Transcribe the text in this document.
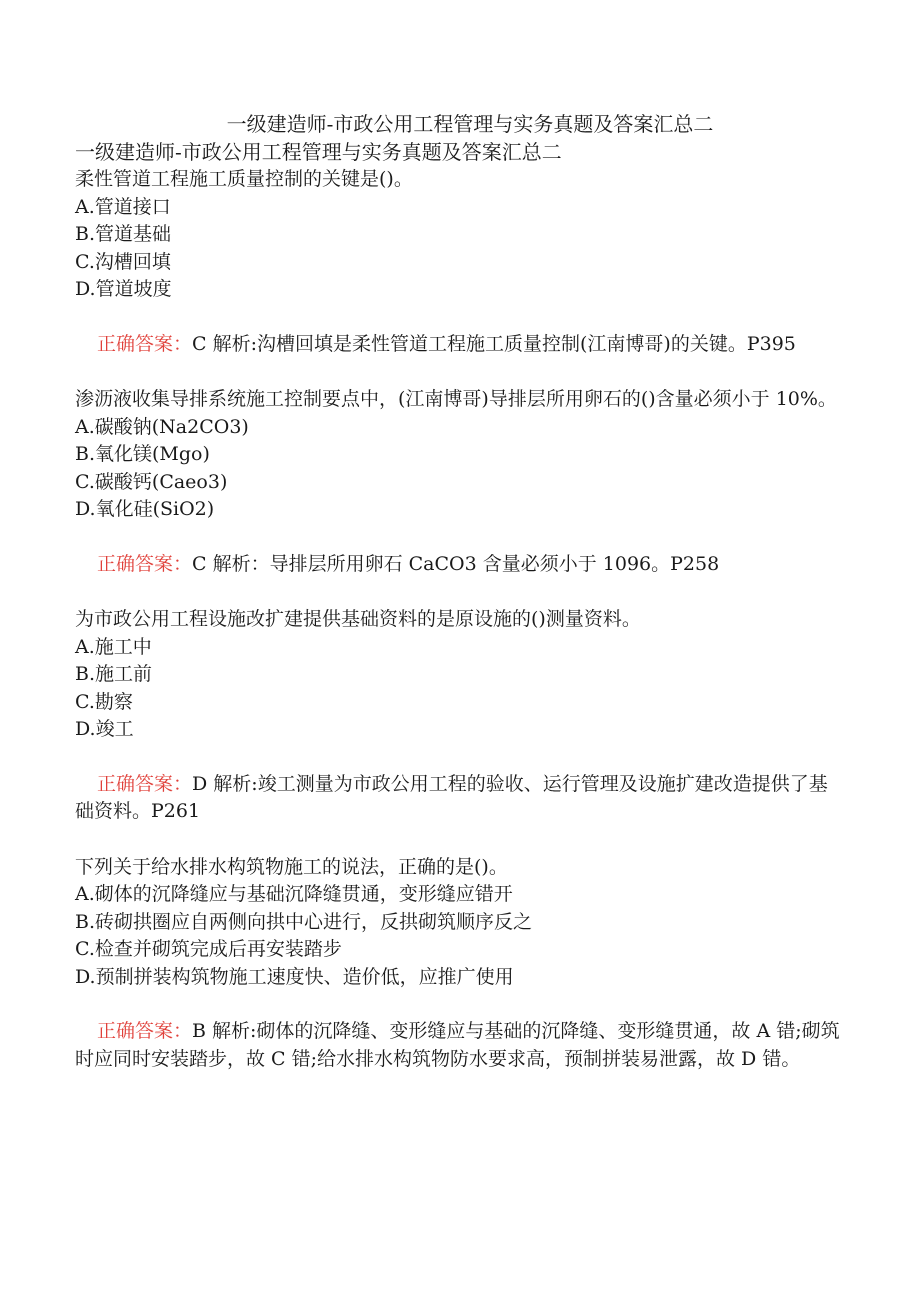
一级建造师-市政公用工程管理与实务真题及答案汇总二

一级建造师-市政公用工程管理与实务真题及答案汇总二

柔性管道工程施工质量控制的关键是()。

A.管道接口
B.管道基础
C.沟槽回填
D.管道坡度

正确答案：C 解析:沟槽回填是柔性管道工程施工质量控制(江南博哥)的关键。P395

渗沥液收集导排系统施工控制要点中，(江南博哥)导排层所用卵石的()含量必须小于 10%。

A.碳酸钠(Na2CO3)
B.氧化镁(Mgo)
C.碳酸钙(Caeo3)
D.氧化硅(SiO2)

正确答案：C 解析：导排层所用卵石 CaCO3 含量必须小于 1096。P258

为市政公用工程设施改扩建提供基础资料的是原设施的()测量资料。

A.施工中
B.施工前
C.勘察
D.竣工

正确答案：D 解析:竣工测量为市政公用工程的验收、运行管理及设施扩建改造提供了基础资料。P261

下列关于给水排水构筑物施工的说法，正确的是()。

A.砌体的沉降缝应与基础沉降缝贯通，变形缝应错开
B.砖砌拱圈应自两侧向拱中心进行，反拱砌筑顺序反之
C.检查并砌筑完成后再安装踏步
D.预制拼装构筑物施工速度快、造价低，应推广使用

正确答案：B 解析:砌体的沉降缝、变形缝应与基础的沉降缝、变形缝贯通，故 A 错;砌筑时应同时安装踏步，故 C 错;给水排水构筑物防水要求高，预制拼装易泄露，故 D 错。
